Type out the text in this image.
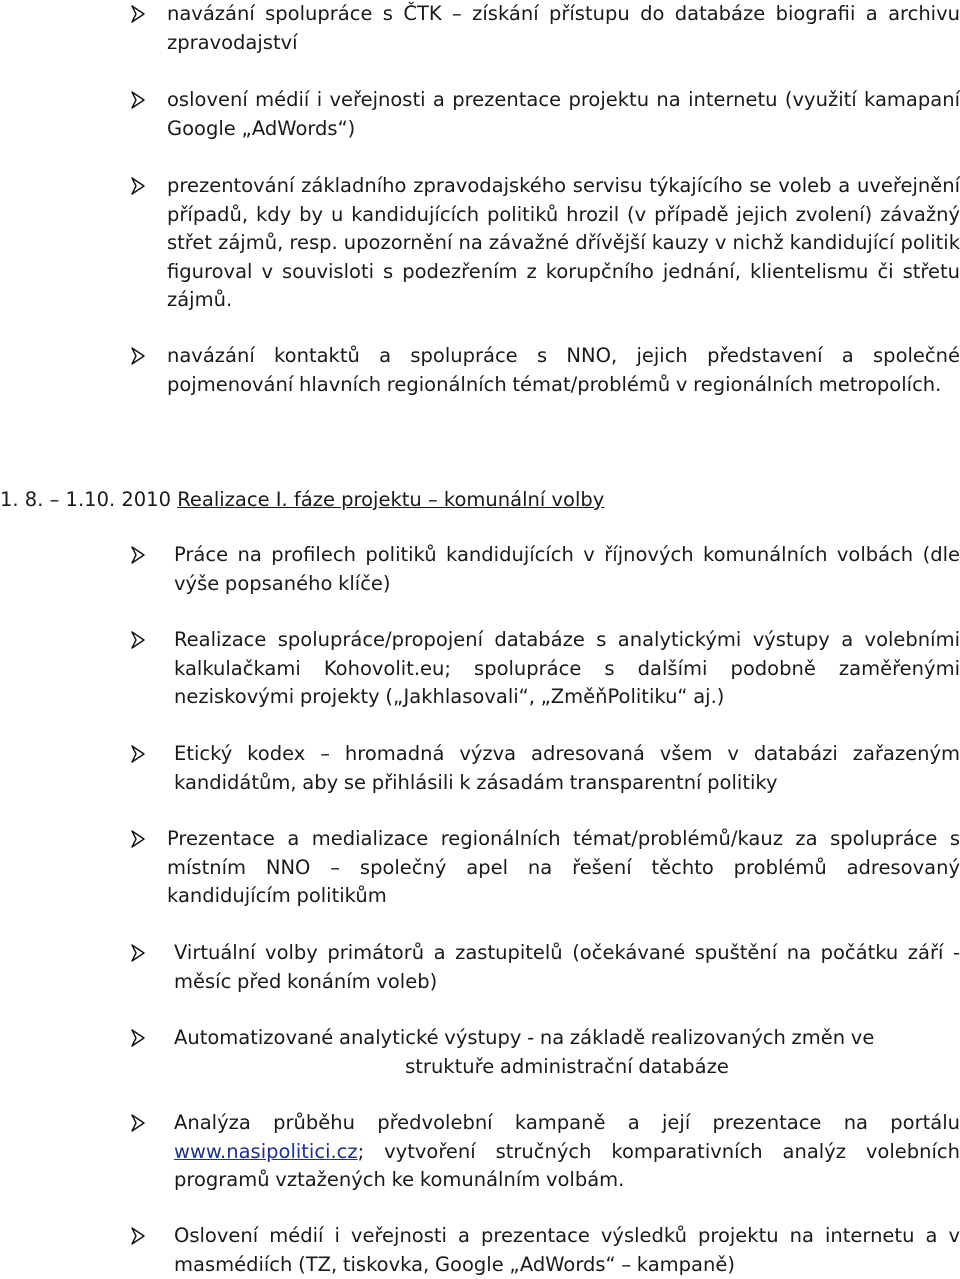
navázání spolupráce s ČTK – získání přístupu do databáze biografii a archivu zpravodajství

oslovení médií i veřejnosti a prezentace projektu na internetu (využití kamapaní Google „AdWords“)

prezentování základního zpravodajského servisu týkajícího se voleb a uveřejnění případů, kdy by u kandidujících politiků hrozil (v případě jejich zvolení) závažný střet zájmů, resp. upozornění na závažné dřívější kauzy v nichž kandidující politik figuroval v souvisloti s podezřením z korupčního jednání, klientelismu či střetu zájmů.

navázání kontaktů a spolupráce s NNO, jejich představení a společné pojmenování hlavních regionálních témat/problémů v regionálních metropolích.

1. 8. – 1.10. 2010 Realizace I. fáze projektu – komunální volby

Práce na profilech politiků kandidujících v říjnových komunálních volbách (dle výše popsaného klíče)

Realizace spolupráce/propojení databáze s analytickými výstupy a volebními kalkulačkami Kohovolit.eu; spolupráce s dalšími podobně zaměřenými neziskovými projekty („Jakhlasovali“, „ZměňPolitiku“ aj.)

Etický kodex – hromadná výzva adresovaná všem v databázi zařazeným kandidátům, aby se přihlásili k zásadám transparentní politiky

Prezentace a medializace regionálních témat/problémů/kauz za spolupráce s místním NNO – společný apel na řešení těchto problémů adresovaný kandidujícím politikům

Virtuální volby primátorů a zastupitelů (očekávané spuštění na počátku září - měsíc před konáním voleb)

Automatizované analytické výstupy - na základě realizovaných změn ve
struktuře administrační databáze

Analýza průběhu předvolební kampaně a její prezentace na portálu www.nasipolitici.cz; vytvoření stručných komparativních analýz volebních programů vztažených ke komunálním volbám.

Oslovení médií i veřejnosti a prezentace výsledků projektu na internetu a v masmédiích (TZ, tiskovka, Google „AdWords“ – kampaně)
